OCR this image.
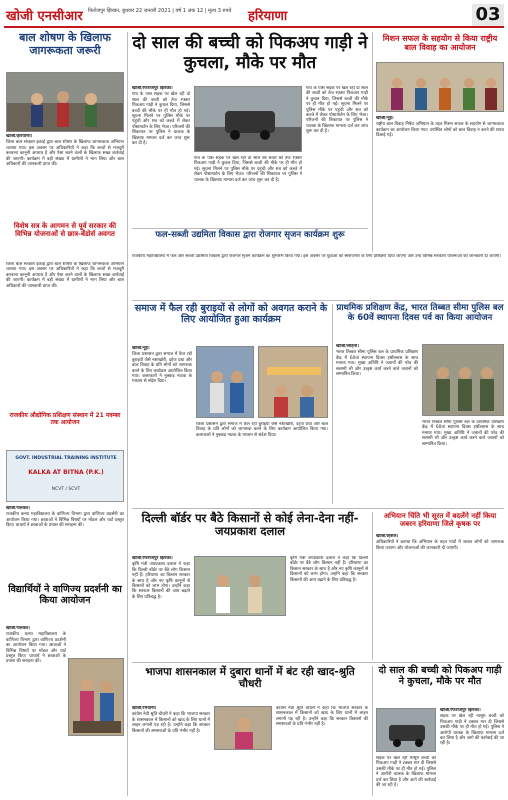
खोजी एनसीआर फिरोजपुर झिरका, बुधवार 22 जनवरी 2021 | वर्ष 1 अंक 12 | मूल्य 3 रुपये	हरियाणा	03
बाल शोषण के खिलाफ जागरूकता जरूरी
खोजी/हरियाणा।
जिला बाल संरक्षण इकाई द्वारा बाल शोषण के खिलाफ जागरूकता अभियान चलाया गया। इस अवसर पर अधिकारियों ने कहा कि बच्चों से मजदूरी करवाना कानूनी अपराध है और ऐसा करने वालों के खिलाफ सख्त कार्रवाई की जाएगी। कार्यक्रम में बड़ी संख्या में ग्रामीणों ने भाग लिया और बाल अधिकारों की जानकारी प्राप्त की।
विशेष सत्र के आगमन से पूर्व सरकार की विभिन्न योजनाओं से छात्र-बेंडोर्स अवगत
जिला बाल संरक्षण इकाई द्वारा बाल शोषण के खिलाफ जागरूकता अभियान चलाया गया। इस अवसर पर अधिकारियों ने कहा कि बच्चों से मजदूरी करवाना कानूनी अपराध है और ऐसा करने वालों के खिलाफ सख्त कार्रवाई की जाएगी। कार्यक्रम में बड़ी संख्या में ग्रामीणों ने भाग लिया और बाल अधिकारों की जानकारी प्राप्त की।
राजकीय औद्योगिक प्रशिक्षण संस्थान में 21 नवम्बर तक आयोजन
GOVT. INDUSTRIAL TRAINING INSTITUTE
KALKA AT BITNA (P.K.)
NCVT / SCVT
खोजी/पलवल।
राजकीय कन्या महाविद्यालय के वाणिज्य विभाग द्वारा वाणिज्य प्रदर्शनी का आयोजन किया गया। छात्राओं ने विभिन्न विषयों पर मॉडल और चार्ट प्रस्तुत किए। प्राचार्य ने छात्राओं के प्रयास की सराहना की।
विद्यार्थियों ने वाणिज्य प्रदर्शनी का किया आयोजन
खोजी/पलवल।
राजकीय कन्या महाविद्यालय के वाणिज्य विभाग द्वारा वाणिज्य प्रदर्शनी का आयोजन किया गया। छात्राओं ने विभिन्न विषयों पर मॉडल और चार्ट प्रस्तुत किए। प्राचार्य ने छात्राओं के प्रयास की सराहना की।
दो साल की बच्ची को पिकअप गाड़ी ने कुचला, मौके पर मौत
खोजी/फिरोजपुर झिरका।
गांव के पास सड़क पर खेल रही दो साल की बच्ची को तेज रफ्तार पिकअप गाड़ी ने कुचल दिया, जिससे बच्ची की मौके पर ही मौत हो गई। सूचना मिलने पर पुलिस मौके पर पहुंची और शव को कब्जे में लेकर पोस्टमार्टम के लिए भेजा। परिजनों की शिकायत पर पुलिस ने चालक के खिलाफ मामला दर्ज कर जांच शुरू कर दी है।
गांव के पास सड़क पर खेल रही दो साल की बच्ची को तेज रफ्तार पिकअप गाड़ी ने कुचल दिया, जिससे बच्ची की मौके पर ही मौत हो गई। सूचना मिलने पर पुलिस मौके पर पहुंची और शव को कब्जे में लेकर पोस्टमार्टम के लिए भेजा। परिजनों की शिकायत पर पुलिस ने चालक के खिलाफ मामला दर्ज कर जांच शुरू कर दी है।
गांव के पास सड़क पर खेल रही दो साल की बच्ची को तेज रफ्तार पिकअप गाड़ी ने कुचल दिया, जिससे बच्ची की मौके पर ही मौत हो गई। सूचना मिलने पर पुलिस मौके पर पहुंची और शव को कब्जे में लेकर पोस्टमार्टम के लिए भेजा। परिजनों की शिकायत पर पुलिस ने चालक के खिलाफ मामला दर्ज कर जांच शुरू कर दी है।
मिशन सफल के सहयोग से किया राष्ट्रीय बाल विवाह का आयोजन
खोजी/नूंह।
राष्ट्रीय बाल विवाह निषेध अभियान के तहत मिशन सफल के सहयोग से जागरूकता कार्यक्रम का आयोजन किया गया। उपस्थित लोगों को बाल विवाह न करने की शपथ दिलाई गई।
फल-सब्जी उद्यमिता विकास द्वारा रोजगार सृजन कार्यक्रम शुरू
राजकीय महाविद्यालय में फल और सब्जी उद्यमिता विकास द्वारा रोजगार सृजन कार्यक्रम का शुभारंभ किया गया। इस अवसर पर युवाओं को स्वरोजगार के लिए प्रशिक्षण दिया जाएगा और उन्हें विभिन्न सरकारी योजनाओं की जानकारी दी जाएगी।
समाज में फैल रही बुराइयों से लोगों को अवगत कराने के लिए आयोजित हुआ कार्यक्रम
खोजी/नूंह।
जिला प्रशासन द्वारा समाज में फैल रही बुराइयों जैसे नशाखोरी, दहेज प्रथा और बाल विवाह के प्रति लोगों को जागरूक करने के लिए कार्यक्रम आयोजित किया गया। कलाकारों ने नुक्कड़ नाटक के माध्यम से संदेश दिया।
जिला प्रशासन द्वारा समाज में फैल रही बुराइयों जैसे नशाखोरी, दहेज प्रथा और बाल विवाह के प्रति लोगों को जागरूक करने के लिए कार्यक्रम आयोजित किया गया। कलाकारों ने नुक्कड़ नाटक के माध्यम से संदेश दिया।
प्राथमिक प्रशिक्षण केंद्र, भारत तिब्बत सीमा पुलिस बल के 60वें स्थापना दिवस पर्व का किया आयोजन
खोजी/सोहना।
भारत तिब्बत सीमा पुलिस बल के प्राथमिक प्रशिक्षण केंद्र में 60वां स्थापना दिवस हर्षोल्लास के साथ मनाया गया। मुख्य अतिथि ने जवानों की परेड की सलामी ली और उत्कृष्ट कार्य करने वाले जवानों को सम्मानित किया।
भारत तिब्बत सीमा पुलिस बल के प्राथमिक प्रशिक्षण केंद्र में 60वां स्थापना दिवस हर्षोल्लास के साथ मनाया गया। मुख्य अतिथि ने जवानों की परेड की सलामी ली और उत्कृष्ट कार्य करने वाले जवानों को सम्मानित किया।
दिल्ली बॉर्डर पर बैठे किसानों से कोई लेना-देना नहीं-जयप्रकाश दलाल
खोजी/फिरोजपुर झिरका।
कृषि मंत्री जयप्रकाश दलाल ने कहा कि दिल्ली बॉर्डर पर बैठे लोग किसान नहीं हैं। हरियाणा का किसान सरकार के साथ है और नए कृषि कानूनों से किसानों को लाभ होगा। उन्होंने कहा कि सरकार किसानों की आय बढ़ाने के लिए प्रतिबद्ध है।
कृषि मंत्री जयप्रकाश दलाल ने कहा कि दिल्ली बॉर्डर पर बैठे लोग किसान नहीं हैं। हरियाणा का किसान सरकार के साथ है और नए कृषि कानूनों से किसानों को लाभ होगा। उन्होंने कहा कि सरकार किसानों की आय बढ़ाने के लिए प्रतिबद्ध है।
अभियान चिंति भी सूरत में बदलेंगे नहीं किया जबरन हरियाणा जिले कृषक पर
खोजी/हिसार।
अधिकारियों ने बताया कि अभियान के तहत गांवों में जाकर लोगों को जागरूक किया जाएगा और योजनाओं की जानकारी दी जाएगी।
भाजपा शासनकाल में दुबारा थानों में बंट रही खाद-श्रुति चौधरी
खोजी/भिवानी।
कांग्रेस नेत्री श्रुति चौधरी ने कहा कि भाजपा सरकार के शासनकाल में किसानों को खाद के लिए थानों में लाइन लगानी पड़ रही है। उन्होंने कहा कि सरकार किसानों की समस्याओं के प्रति गंभीर नहीं है।
कांग्रेस नेत्री श्रुति चौधरी ने कहा कि भाजपा सरकार के शासनकाल में किसानों को खाद के लिए थानों में लाइन लगानी पड़ रही है। उन्होंने कहा कि सरकार किसानों की समस्याओं के प्रति गंभीर नहीं है।
दो साल की बच्ची को पिकअप गाड़ी ने कुचला, मौके पर मौत
खोजी/फिरोजपुर झिरका।
सड़क पर खेल रही मासूम बच्ची को पिकअप गाड़ी ने टक्कर मार दी जिससे उसकी मौके पर ही मौत हो गई। पुलिस ने आरोपी चालक के खिलाफ मामला दर्ज कर लिया है और आगे की कार्रवाई की जा रही है।
सड़क पर खेल रही मासूम बच्ची को पिकअप गाड़ी ने टक्कर मार दी जिससे उसकी मौके पर ही मौत हो गई। पुलिस ने आरोपी चालक के खिलाफ मामला दर्ज कर लिया है और आगे की कार्रवाई की जा रही है।
